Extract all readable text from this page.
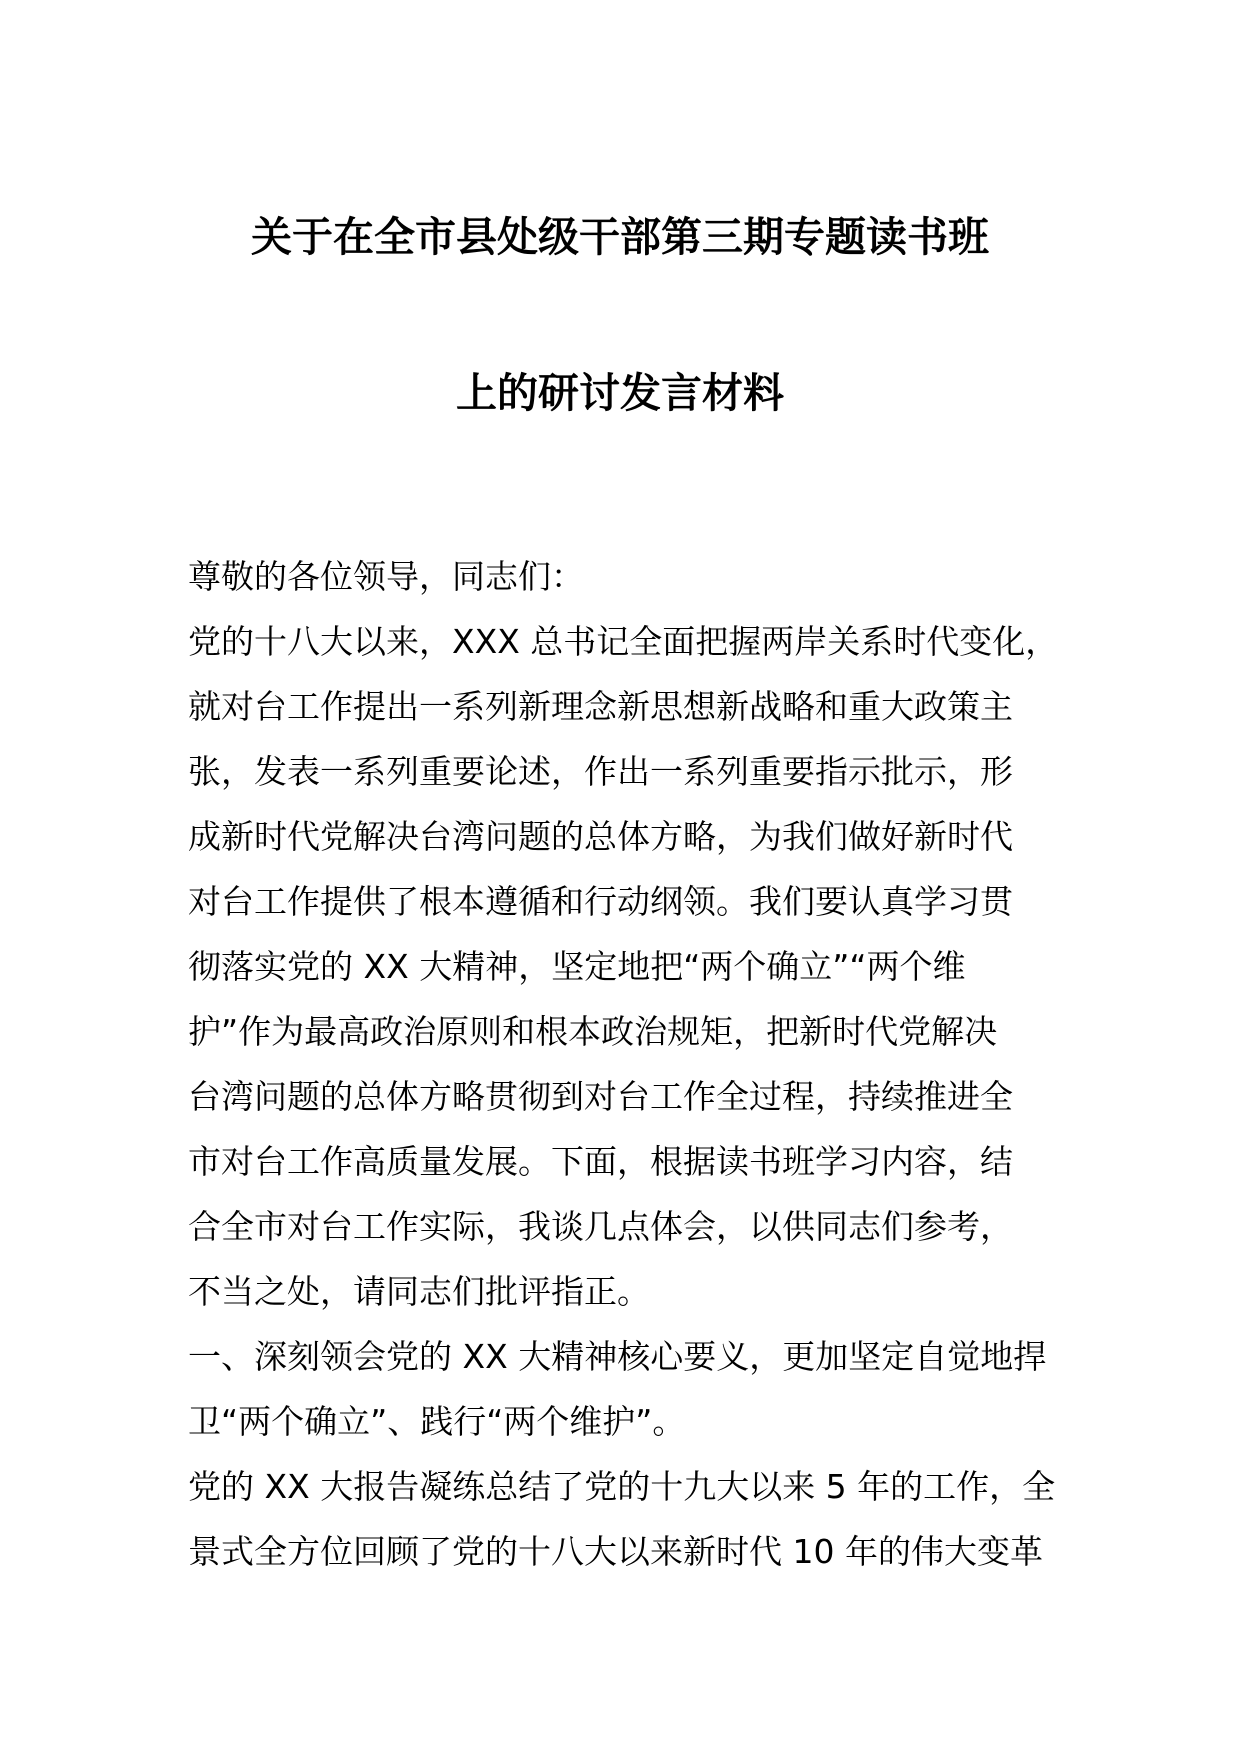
关于在全市县处级干部第三期专题读书班
上的研讨发言材料
尊敬的各位领导，同志们：
党的十八大以来，XXX 总书记全面把握两岸关系时代变化，
就对台工作提出一系列新理念新思想新战略和重大政策主
张，发表一系列重要论述，作出一系列重要指示批示，形
成新时代党解决台湾问题的总体方略，为我们做好新时代
对台工作提供了根本遵循和行动纲领。我们要认真学习贯
彻落实党的 XX 大精神，坚定地把“两个确立”“两个维
护”作为最高政治原则和根本政治规矩，把新时代党解决
台湾问题的总体方略贯彻到对台工作全过程，持续推进全
市对台工作高质量发展。下面，根据读书班学习内容，结
合全市对台工作实际，我谈几点体会，以供同志们参考，
不当之处，请同志们批评指正。
一、深刻领会党的 XX 大精神核心要义，更加坚定自觉地捍
卫“两个确立”、践行“两个维护”。
党的 XX 大报告凝练总结了党的十九大以来 5 年的工作，全
景式全方位回顾了党的十八大以来新时代 10 年的伟大变革
